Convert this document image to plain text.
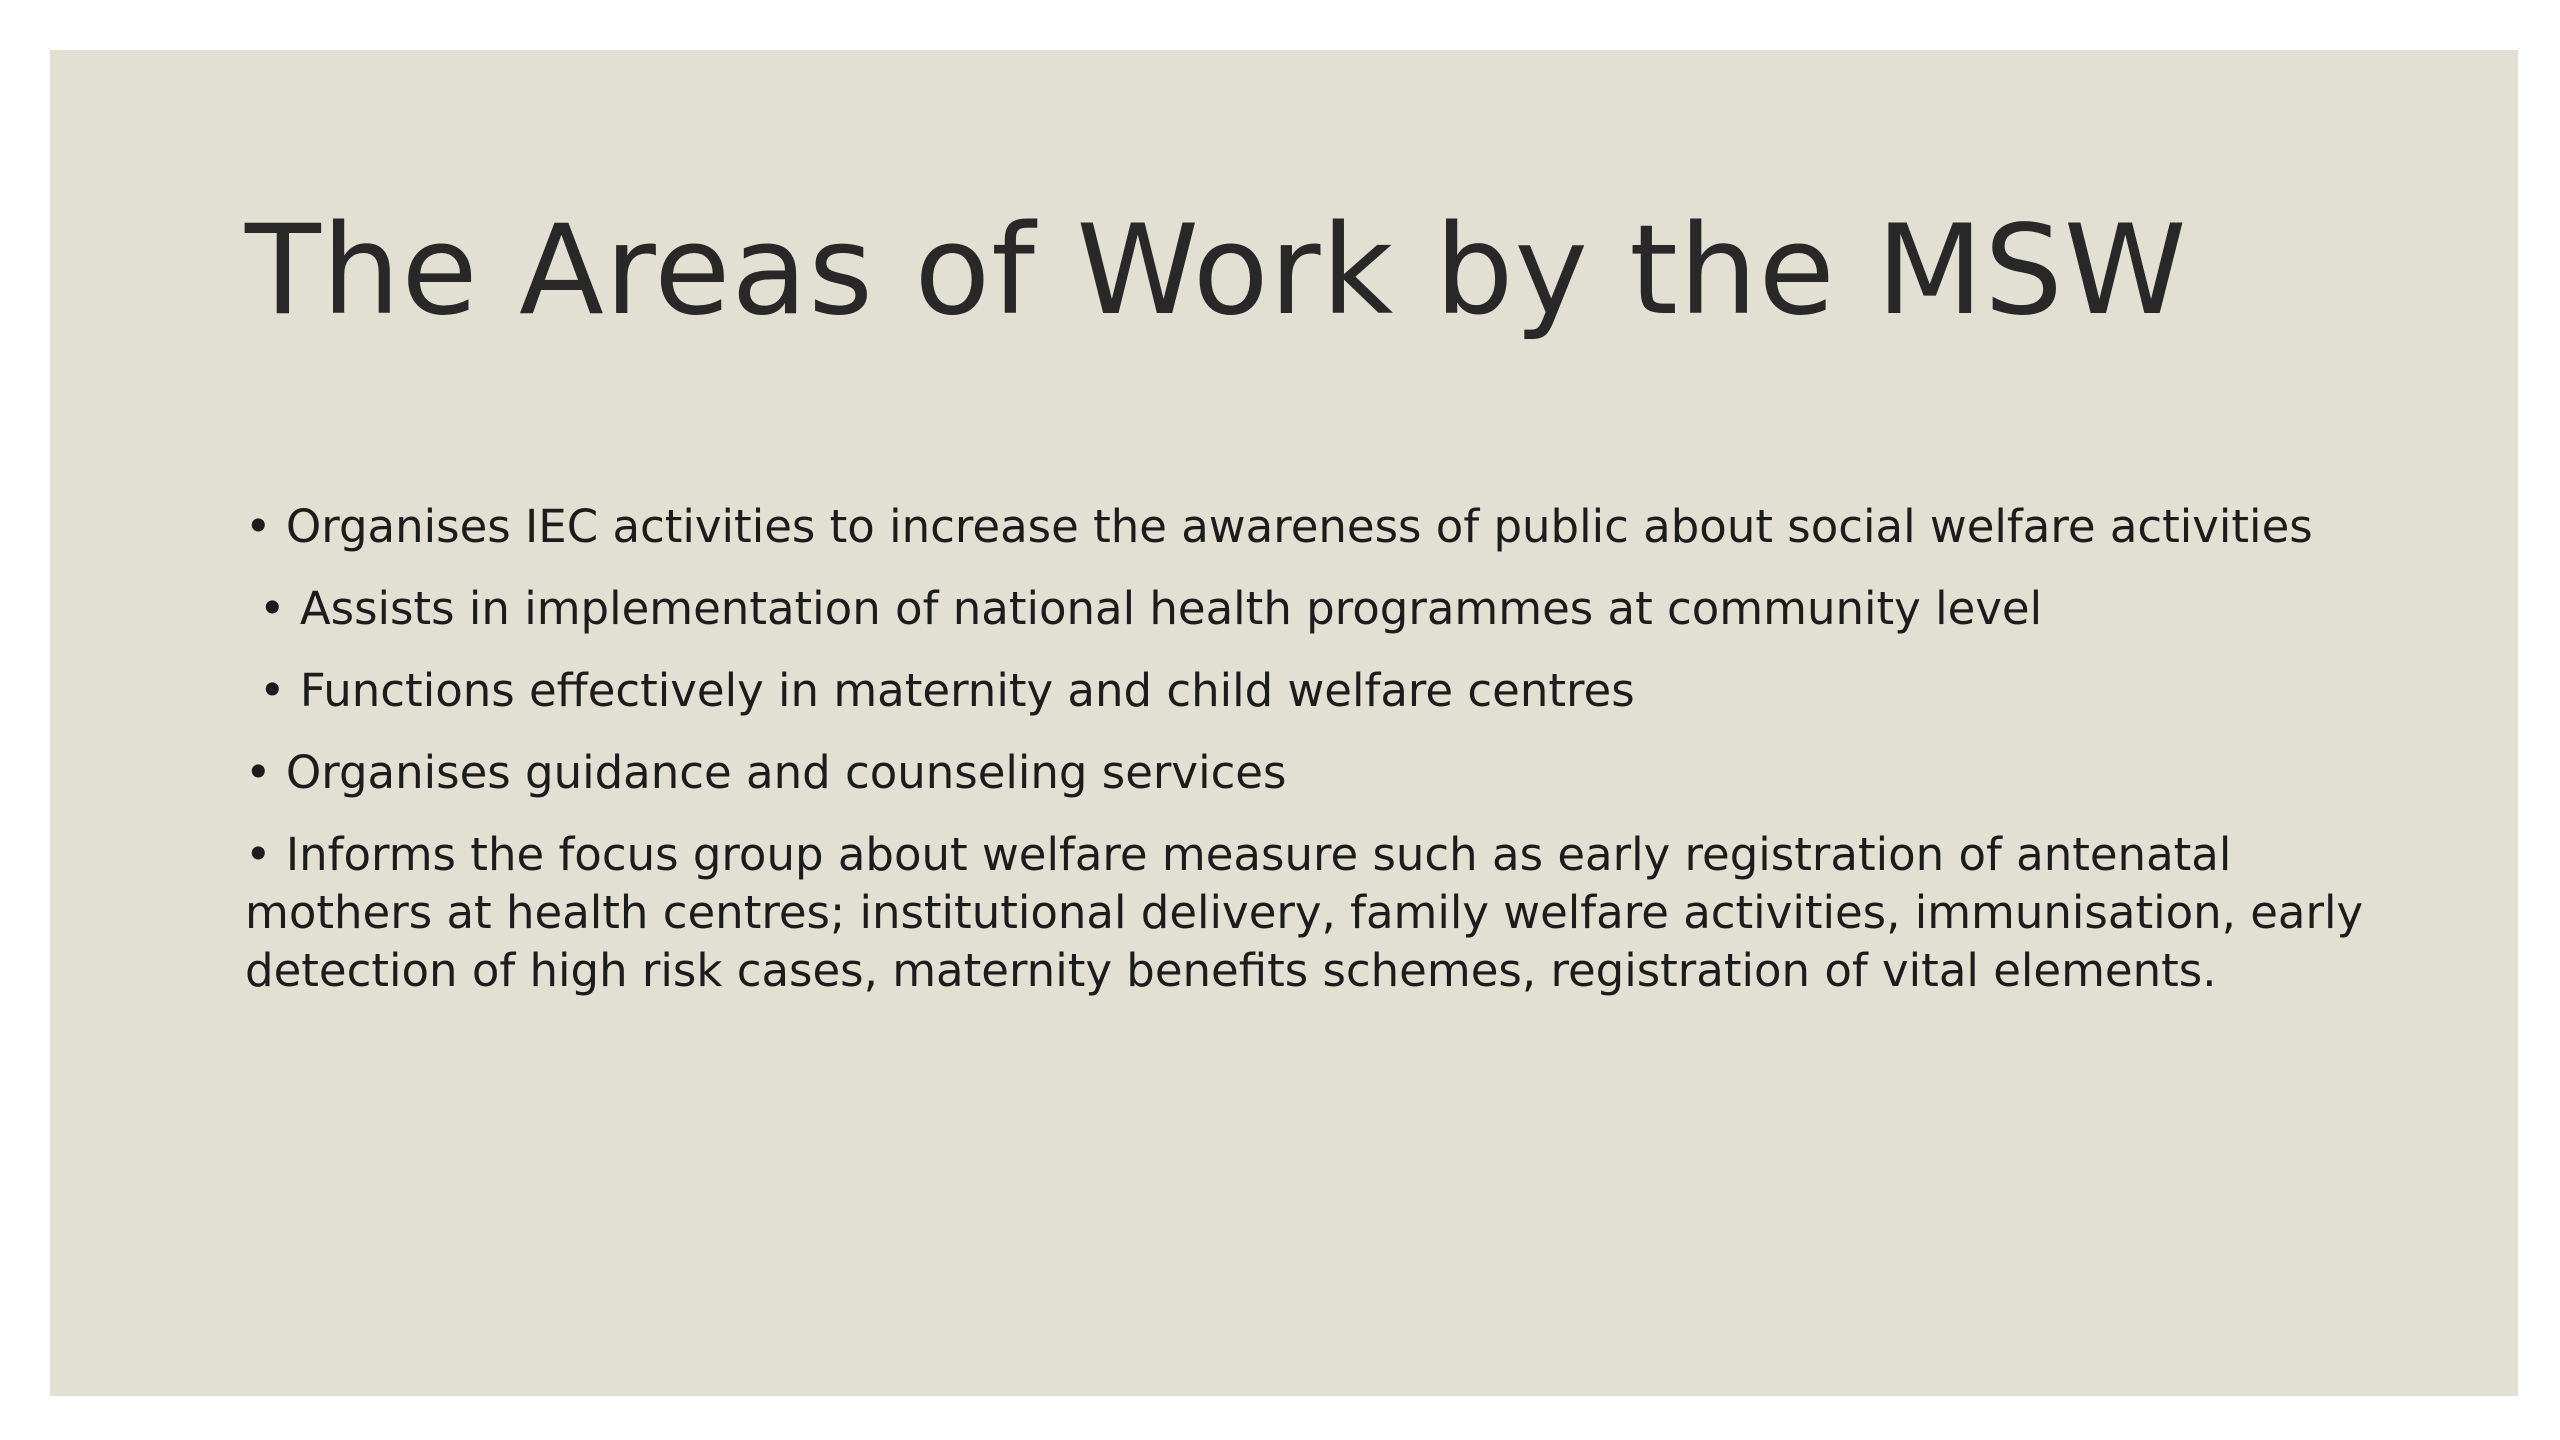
The Areas of Work by the MSW

• Organises IEC activities to increase the awareness of public about social welfare activities

• Assists in implementation of national health programmes at community level

• Functions effectively in maternity and child welfare centres

• Organises guidance and counseling services

• Informs the focus group about welfare measure such as early registration of antenatal mothers at health centres; institutional delivery, family welfare activities, immunisation, early detection of high risk cases, maternity benefits schemes, registration of vital elements.
